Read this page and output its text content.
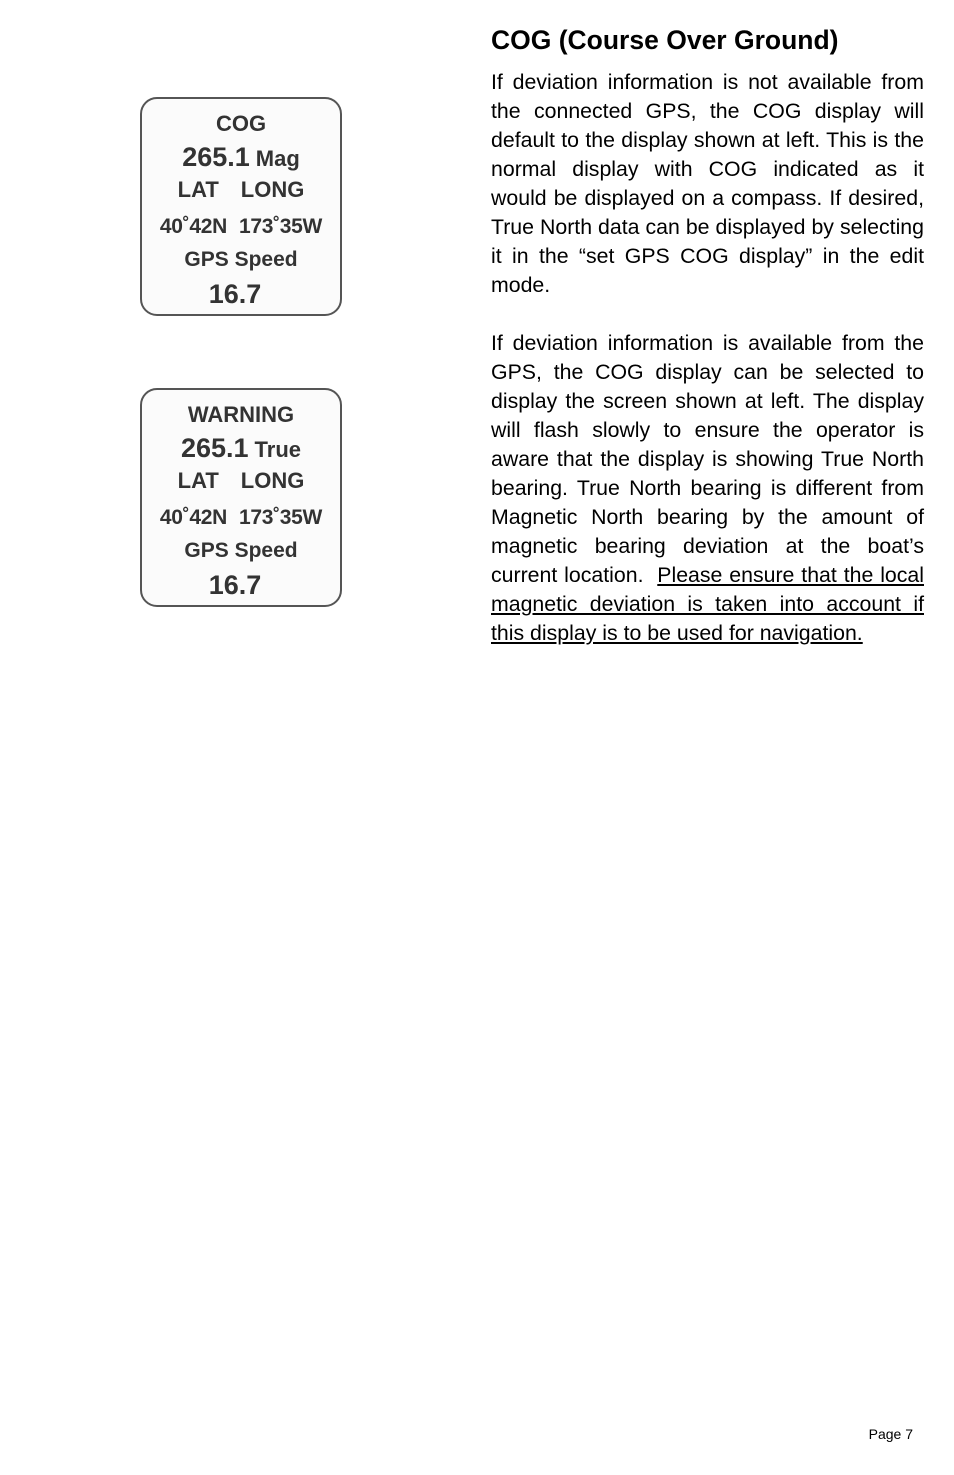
COG
265.1 Mag
LAT LONG
40˚42N 173˚35W
GPS Speed
16.7
WARNING
265.1 True
LAT LONG
40˚42N 173˚35W
GPS Speed
16.7
COG (Course Over Ground)

If deviation information is not available from the connected GPS, the COG display will default to the display shown at left. This is the normal display with COG indicated as it would be displayed on a compass. If desired, True North data can be displayed by selecting it in the “set GPS COG display” in the edit mode.

If deviation information is available from the GPS, the COG display can be selected to display the screen shown at left. The display will flash slowly to ensure the operator is aware that the display is showing True North bearing. True North bearing is different from Magnetic North bearing by the amount of magnetic bearing deviation at the boat’s current location. Please ensure that the local magnetic deviation is taken into account if this display is to be used for navigation.

Page 7
